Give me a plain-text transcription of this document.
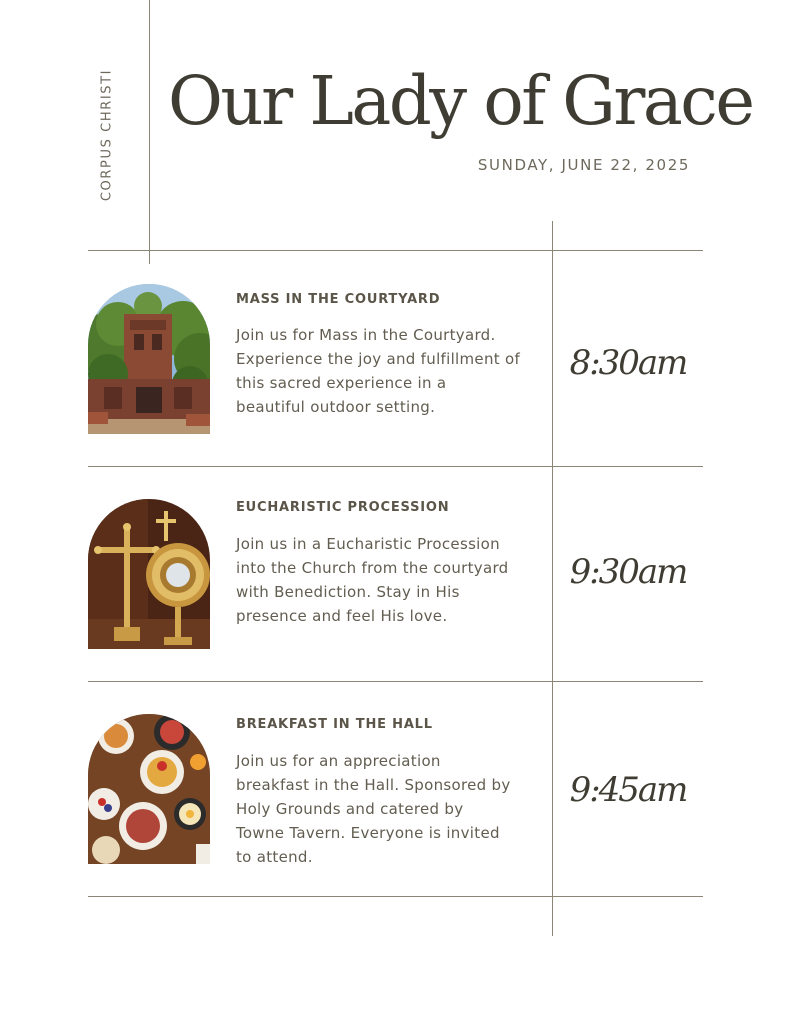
CORPUS CHRISTI Our Lady of Grace
SUNDAY, JUNE 22, 2025
MASS IN THE COURTYARD
Join us for Mass in the Courtyard.
Experience the joy and fulfillment of
this sacred experience in a
beautiful outdoor setting.
8:30am
EUCHARISTIC PROCESSION
Join us in a Eucharistic Procession
into the Church from the courtyard
with Benediction. Stay in His
presence and feel His love.
9:30am
BREAKFAST IN THE HALL
Join us for an appreciation
breakfast in the Hall. Sponsored by
Holy Grounds and catered by
Towne Tavern. Everyone is invited
to attend.
9:45am
